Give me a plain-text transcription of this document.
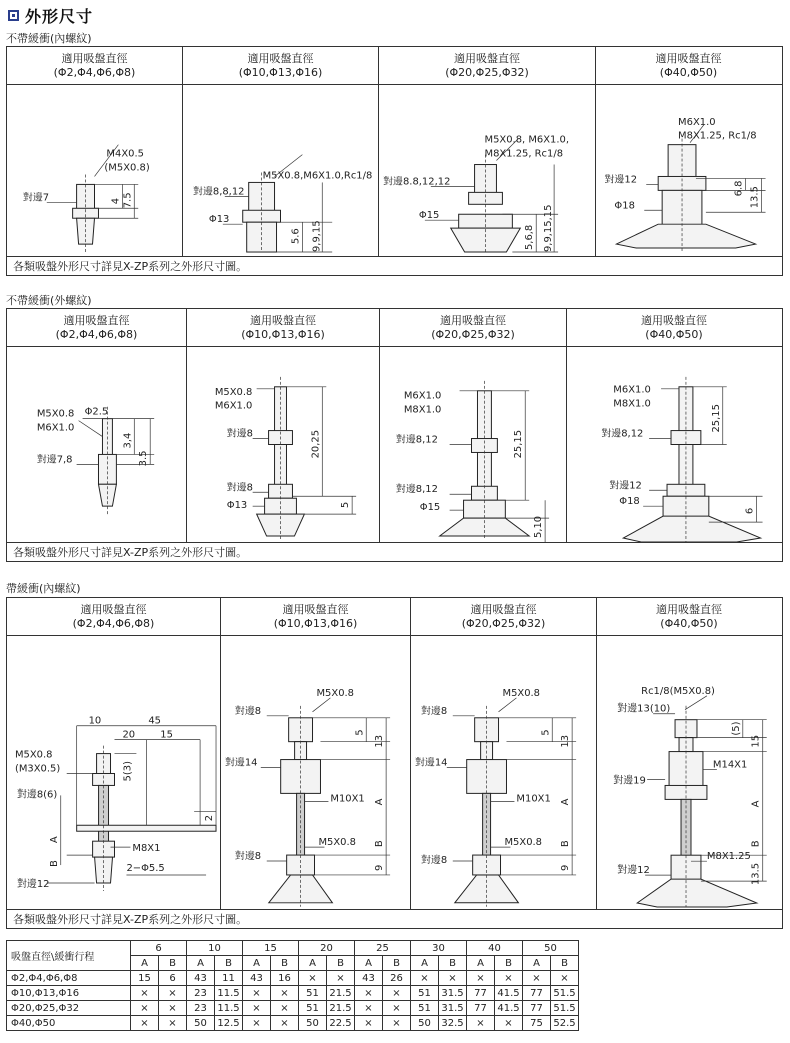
外形尺寸
不帶緩衝(內螺紋)
適用吸盤直徑
(Φ2,Φ4,Φ6,Φ8)
適用吸盤直徑
(Φ10,Φ13,Φ16)
適用吸盤直徑
(Φ20,Φ25,Φ32)
適用吸盤直徑
(Φ40,Φ50)
M4X0.5
(M5X0.8)
對邊7	4 7.5
M5X0.8,M6X1.0,Rc1/8
對邊8,8,12
Φ13
5.6 9,9,15
M5X0.8, M6X1.0,
M8X1.25, Rc1/8
對邊8.8,12,12
Φ15
5,6,8 9,9,15,15
M6X1.0
M8X1.25, Rc1/8
對邊12
Φ18
6.8 13.5
各類吸盤外形尺寸詳見X-ZP系列之外形尺寸圖。
不帶緩衝(外螺紋)
適用吸盤直徑
(Φ2,Φ4,Φ6,Φ8)
適用吸盤直徑
(Φ10,Φ13,Φ16)
適用吸盤直徑
(Φ20,Φ25,Φ32)
適用吸盤直徑
(Φ40,Φ50)
Φ2.5
M5X0.8
M6X1.0
對邊7,8
3,4
3.5
M5X0.8
M6X1.0
對邊8
對邊8
Φ13
20,25
5
M6X1.0
M8X1.0
對邊8,12
對邊8,12
Φ15
25,15
5,10
M6X1.0
M8X1.0
對邊8,12
對邊12
Φ18
25,15
6
各類吸盤外形尺寸詳見X-ZP系列之外形尺寸圖。
帶緩衝(內螺紋)
適用吸盤直徑
(Φ2,Φ4,Φ6,Φ8)
適用吸盤直徑
(Φ10,Φ13,Φ16)
適用吸盤直徑
(Φ20,Φ25,Φ32)
適用吸盤直徑
(Φ40,Φ50)
10	45
20	15
M5X0.8
(M3X0.5)	5(3)
對邊8(6)
A
B
M8X1
2−Φ5.5
對邊12
2
M5X0.8
對邊8
對邊14
M10X1
M5X0.8
對邊8
5
13
A
B
9
M5X0.8
對邊8
對邊14
M10X1
M5X0.8
對邊8
5
13
A
B
9
Rc1/8(M5X0.8)
對邊13(10)
對邊19
M14X1
M8X1.25
對邊12
(5)
15
A
B
13.5
各類吸盤外形尺寸詳見X-ZP系列之外形尺寸圖。
吸盤直徑\緩衝行程	6		10		15		20		25		30		40		50	
	A	B	A	B	A	B	A	B	A	B	A	B	A	B	A	B
Φ2,Φ4,Φ6,Φ8	15	6	43	11	43	16	×	×	43	26	×	×	×	×	×	×
Φ10,Φ13,Φ16	×	×	23	11.5	×	×	51	21.5	×	×	51	31.5	77	41.5	77	51.5
Φ20,Φ25,Φ32	×	×	23	11.5	×	×	51	21.5	×	×	51	31.5	77	41.5	77	51.5
Φ40,Φ50	×	×	50	12.5	×	×	50	22.5	×	×	50	32.5	×	×	75	52.5
